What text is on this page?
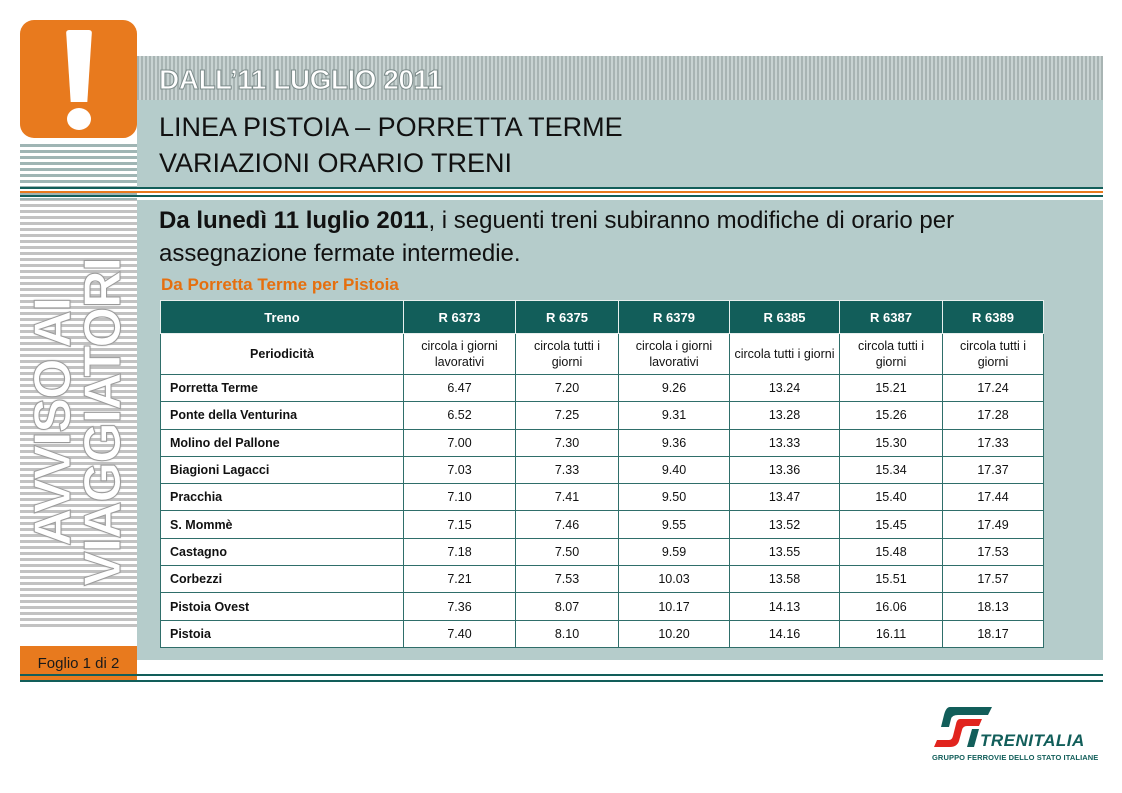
AVVISO AI
VIAGGIATORI
Foglio 1 di 2
DALL’11 LUGLIO 2011
LINEA PISTOIA – PORRETTA TERME
VARIAZIONI ORARIO TRENI
Da lunedì 11 luglio 2011, i seguenti treni subiranno modifiche di orario per assegnazione fermate intermedie.
Da Porretta Terme per Pistoia
Treno	R 6373	R 6375	R 6379	R 6385	R 6387	R 6389
Periodicità	circola i giorni lavorativi	circola tutti i giorni	circola i giorni lavorativi	circola tutti i giorni	circola tutti i giorni	circola tutti i giorni
Porretta Terme	6.47	7.20	9.26	13.24	15.21	17.24
Ponte della Venturina	6.52	7.25	9.31	13.28	15.26	17.28
Molino del Pallone	7.00	7.30	9.36	13.33	15.30	17.33
Biagioni Lagacci	7.03	7.33	9.40	13.36	15.34	17.37
Pracchia	7.10	7.41	9.50	13.47	15.40	17.44
S. Mommè	7.15	7.46	9.55	13.52	15.45	17.49
Castagno	7.18	7.50	9.59	13.55	15.48	17.53
Corbezzi	7.21	7.53	10.03	13.58	15.51	17.57
Pistoia Ovest	7.36	8.07	10.17	14.13	16.06	18.13
Pistoia	7.40	8.10	10.20	14.16	16.11	18.17
TRENITALIA
GRUPPO FERROVIE DELLO STATO ITALIANE
